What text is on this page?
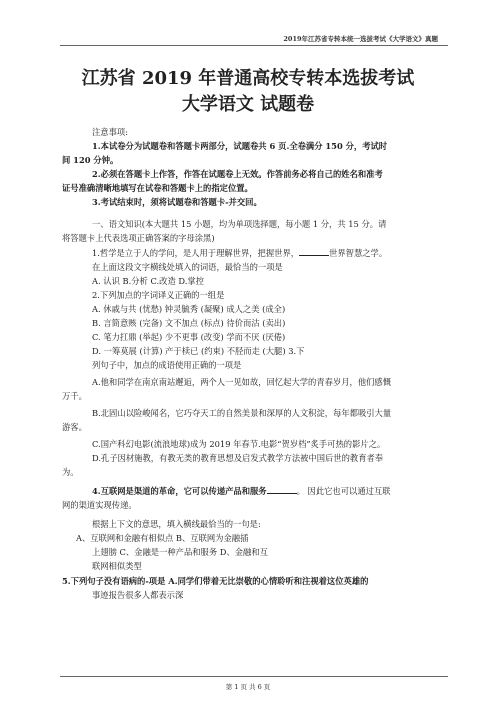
2019年江苏省专转本统一选拔考试《大学语文》真题
江苏省 2019 年普通高校专转本选拔考试
大学语文 试题卷
注意事项:
1.本试卷分为试题卷和答题卡两部分，试题卷共 6 页.全卷满分 150 分，考试时
间 120 分钟。
2.必须在答题卡上作答，作答在试题卷上无效。作答前务必将自己的姓名和准考
证号准确清晰地填写在试卷和答题卡上的指定位置。
3.考试结束时，须将试题卷和答题卡-并交回。
一、语文知识(本大题共 15 小题，均为单项选择题，每小题 1 分，共 15 分。请
将答题卡上代表选项正确答案的字母涂黑)
1.哲学是立于人的学问，是人用于理解世界，把握世界，	世界智慧之学。
在上面这段文字横线处填入的词语，最恰当的一项是
A. 认识 B.分析 C.改造 D.掌控
2.下列加点的字词译义正确的一组是
A. 休戚与共 (忧愁) 钟灵毓秀 (凝聚) 成人之美 (成全)
B. 言简意赅 (完备) 文不加点 (标点) 待价而沽 (卖出)
C. 笔力扛鼎 (举起) 少不更事 (改变) 学而不厌 (厌倦)
D. 一筹莫展 (计算) 产于椟已 (约束) 不胫而走 (大腿) 3.下
列句子中，加点的成语使用正确的一项是
A.他和同学在南京南站邂逅，两个人一见如故，回忆起大学的青春岁月，他们感慨
万千。
B.北固山以险峻闻名，它巧夺天工的自然美景和深厚的人文积淀，每年都吸引大量
游客。
C.国产科幻电影(流浪地球)成为 2019 年春节.电影“贺岁档”炙手可热的影片之。
D.孔子因材施教，有教无类的教育思想及启发式教学方法被中国后世的教育者奉
为。
4.互联网是渠道的革命，它可以传递产品和服务	。 因此它也可以通过互联
网的渠道实现传递。
根据上下文的意思，填入横线最恰当的一句是:
A、互联网和金融有相似点 B、互联网为金融插
上翅膀 C、金融是一种产品和服务 D、金融和互
联网相似类型
5.下列句子没有语病的-项是 A.同学们带着无比崇敬的心情聆听和注视着这位英雄的
事迹报告很多人都表示深
第 1 页 共 6 页
